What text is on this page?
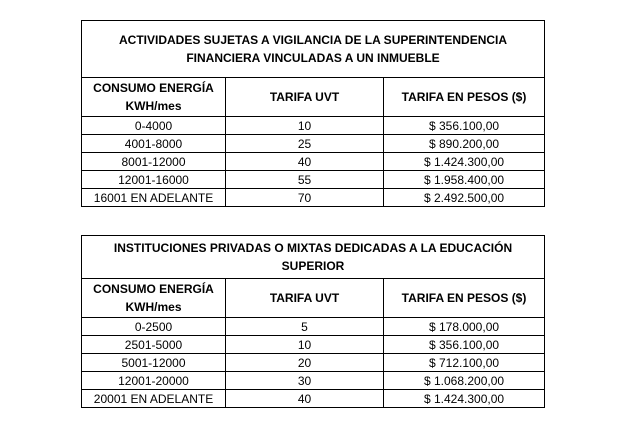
ACTIVIDADES SUJETAS A VIGILANCIA DE LA SUPERINTENDENCIA FINANCIERA VINCULADAS A UN INMUEBLE		

CONSUMO ENERGÍA
KWH/mes	TARIFA UVT	TARIFA EN PESOS ($)
0-4000	10	$ 356.100,00
4001-8000	25	$ 890.200,00
8001-12000	40	$ 1.424.300,00
12001-16000	55	$ 1.958.400,00
16001 EN ADELANTE	70	$ 2.492.500,00
INSTITUCIONES PRIVADAS O MIXTAS DEDICADAS A LA EDUCACIÓN SUPERIOR		

CONSUMO ENERGÍA
KWH/mes	TARIFA UVT	TARIFA EN PESOS ($)
0-2500	5	$ 178.000,00
2501-5000	10	$ 356.100,00
5001-12000	20	$ 712.100,00
12001-20000	30	$ 1.068.200,00
20001 EN ADELANTE	40	$ 1.424.300,00
